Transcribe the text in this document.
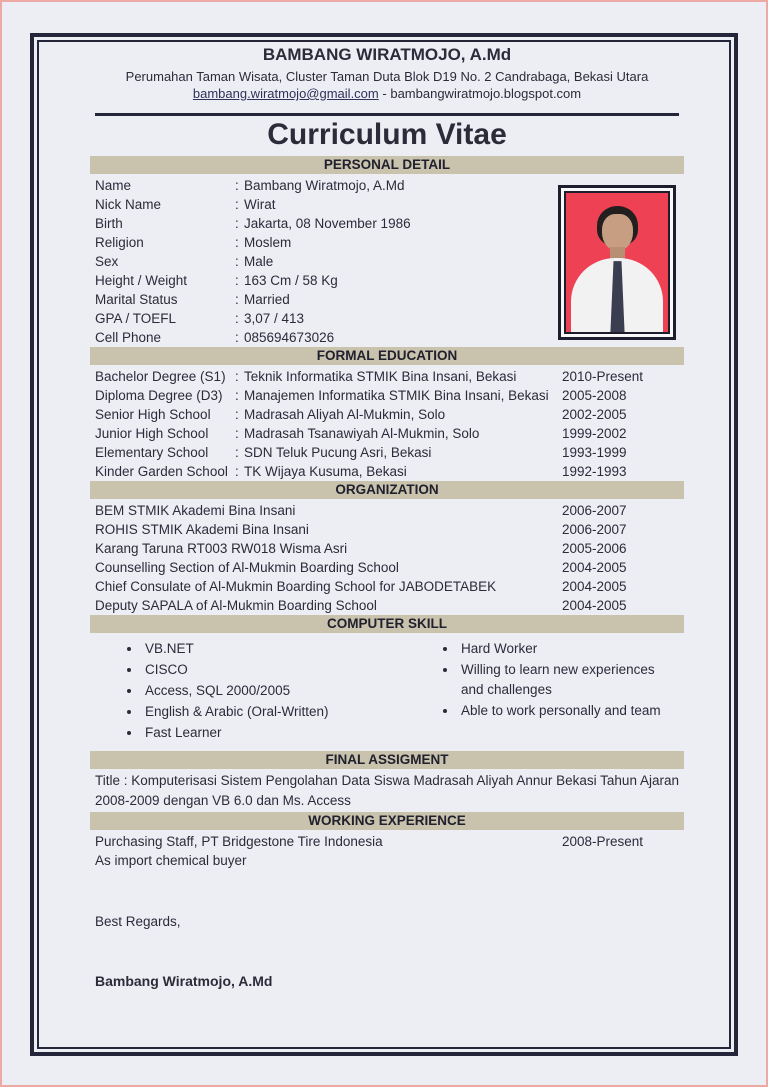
BAMBANG WIRATMOJO, A.Md
Perumahan Taman Wisata, Cluster Taman Duta Blok D19 No. 2 Candrabaga, Bekasi Utara
bambang.wiratmojo@gmail.com - bambangwiratmojo.blogspot.com
Curriculum Vitae
PERSONAL DETAIL
Name	: Bambang Wiratmojo, A.Md
Nick Name	: Wirat
Birth	: Jakarta, 08 November 1986
Religion	: Moslem
Sex	: Male
Height / Weight	: 163 Cm / 58 Kg
Marital Status	: Married
GPA / TOEFL	: 3,07 / 413
Cell Phone	: 085694673026
FORMAL EDUCATION
Bachelor Degree (S1) : Teknik Informatika STMIK Bina Insani, Bekasi	2010-Present
Diploma Degree (D3) : Manajemen Informatika STMIK Bina Insani, Bekasi 2005-2008
Senior High School	: Madrasah Aliyah Al-Mukmin, Solo	2002-2005
Junior High School	: Madrasah Tsanawiyah Al-Mukmin, Solo	1999-2002
Elementary School	: SDN Teluk Pucung Asri, Bekasi	1993-1999
Kinder Garden School : TK Wijaya Kusuma, Bekasi	1992-1993
ORGANIZATION
BEM STMIK Akademi Bina Insani	2006-2007
ROHIS STMIK Akademi Bina Insani	2006-2007
Karang Taruna RT003 RW018 Wisma Asri	2005-2006
Counselling Section of Al-Mukmin Boarding School	2004-2005
Chief Consulate of Al-Mukmin Boarding School for JABODETABEK	2004-2005
Deputy SAPALA of Al-Mukmin Boarding School	2004-2005
COMPUTER SKILL
• VB.NET
• CISCO
• Access, SQL 2000/2005
• English & Arabic (Oral-Written)
• Fast Learner
• Hard Worker
• Willing to learn new experiences and challenges
• Able to work personally and team
FINAL ASSIGMENT
Title : Komputerisasi Sistem Pengolahan Data Siswa Madrasah Aliyah Annur Bekasi Tahun Ajaran 2008-2009 dengan VB 6.0 dan Ms. Access
WORKING EXPERIENCE
Purchasing Staff, PT Bridgestone Tire Indonesia	2008-Present
As import chemical buyer
Best Regards,
Bambang Wiratmojo, A.Md
